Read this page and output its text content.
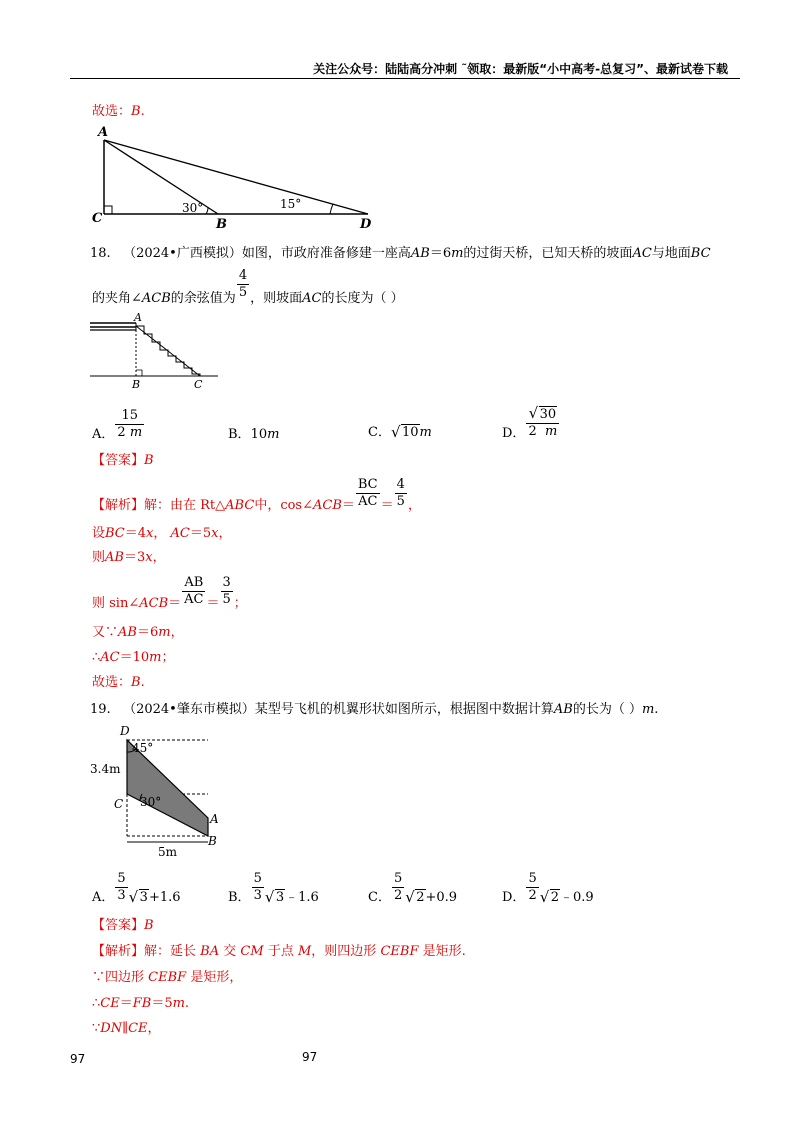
关注公众号：陆陆高分冲刺 ˜领取：最新版“小中高考-总复习”、最新试卷下载
故选：B.
A
C	B	D
30°	15°
18. （2024•广西模拟）如图，市政府准备修建一座高AB＝6m的过街天桥，已知天桥的坡面AC与地面BC
的夹角∠ACB的余弦值为 $\frac{4}{5}$ ，则坡面AC的长度为（ ）
A
B	C
A． $\frac{15}{2 m}$	B．10m	C． √ 10m	D． √ $\frac{30}{2 m}$
【答案】B
【解析】解：由在 Rt△ABC中，cos∠ACB＝ $\frac{BC}{AC} = \frac{4}{5}$ ，
设BC＝4x， AC＝5x，
则AB＝3x，
则 sin∠ACB＝ $\frac{AB}{AC} = \frac{3}{5}$ ；
又∵AB＝6m，
∴AC＝10m；
故选：B.
19. （2024•肇东市模拟）某型号飞机的机翼形状如图所示，根据图中数据计算AB的长为（ ）m.
D
C
A
B
3.4m
5m
45°
30°
A． $\frac{5}{3}$ √ 3+1.6	B． $\frac{5}{3}$ √ 3﹣1.6	C． $\frac{5}{2}$ √ 2+0.9	D． $\frac{5}{2}$ √ 2﹣0.9
【答案】B
【解析】解：延长 BA 交 CM 于点 M，则四边形 CEBF 是矩形.
∵四边形 CEBF 是矩形，
∴CE＝FB＝5m.
∵DN∥CE，
97	97
